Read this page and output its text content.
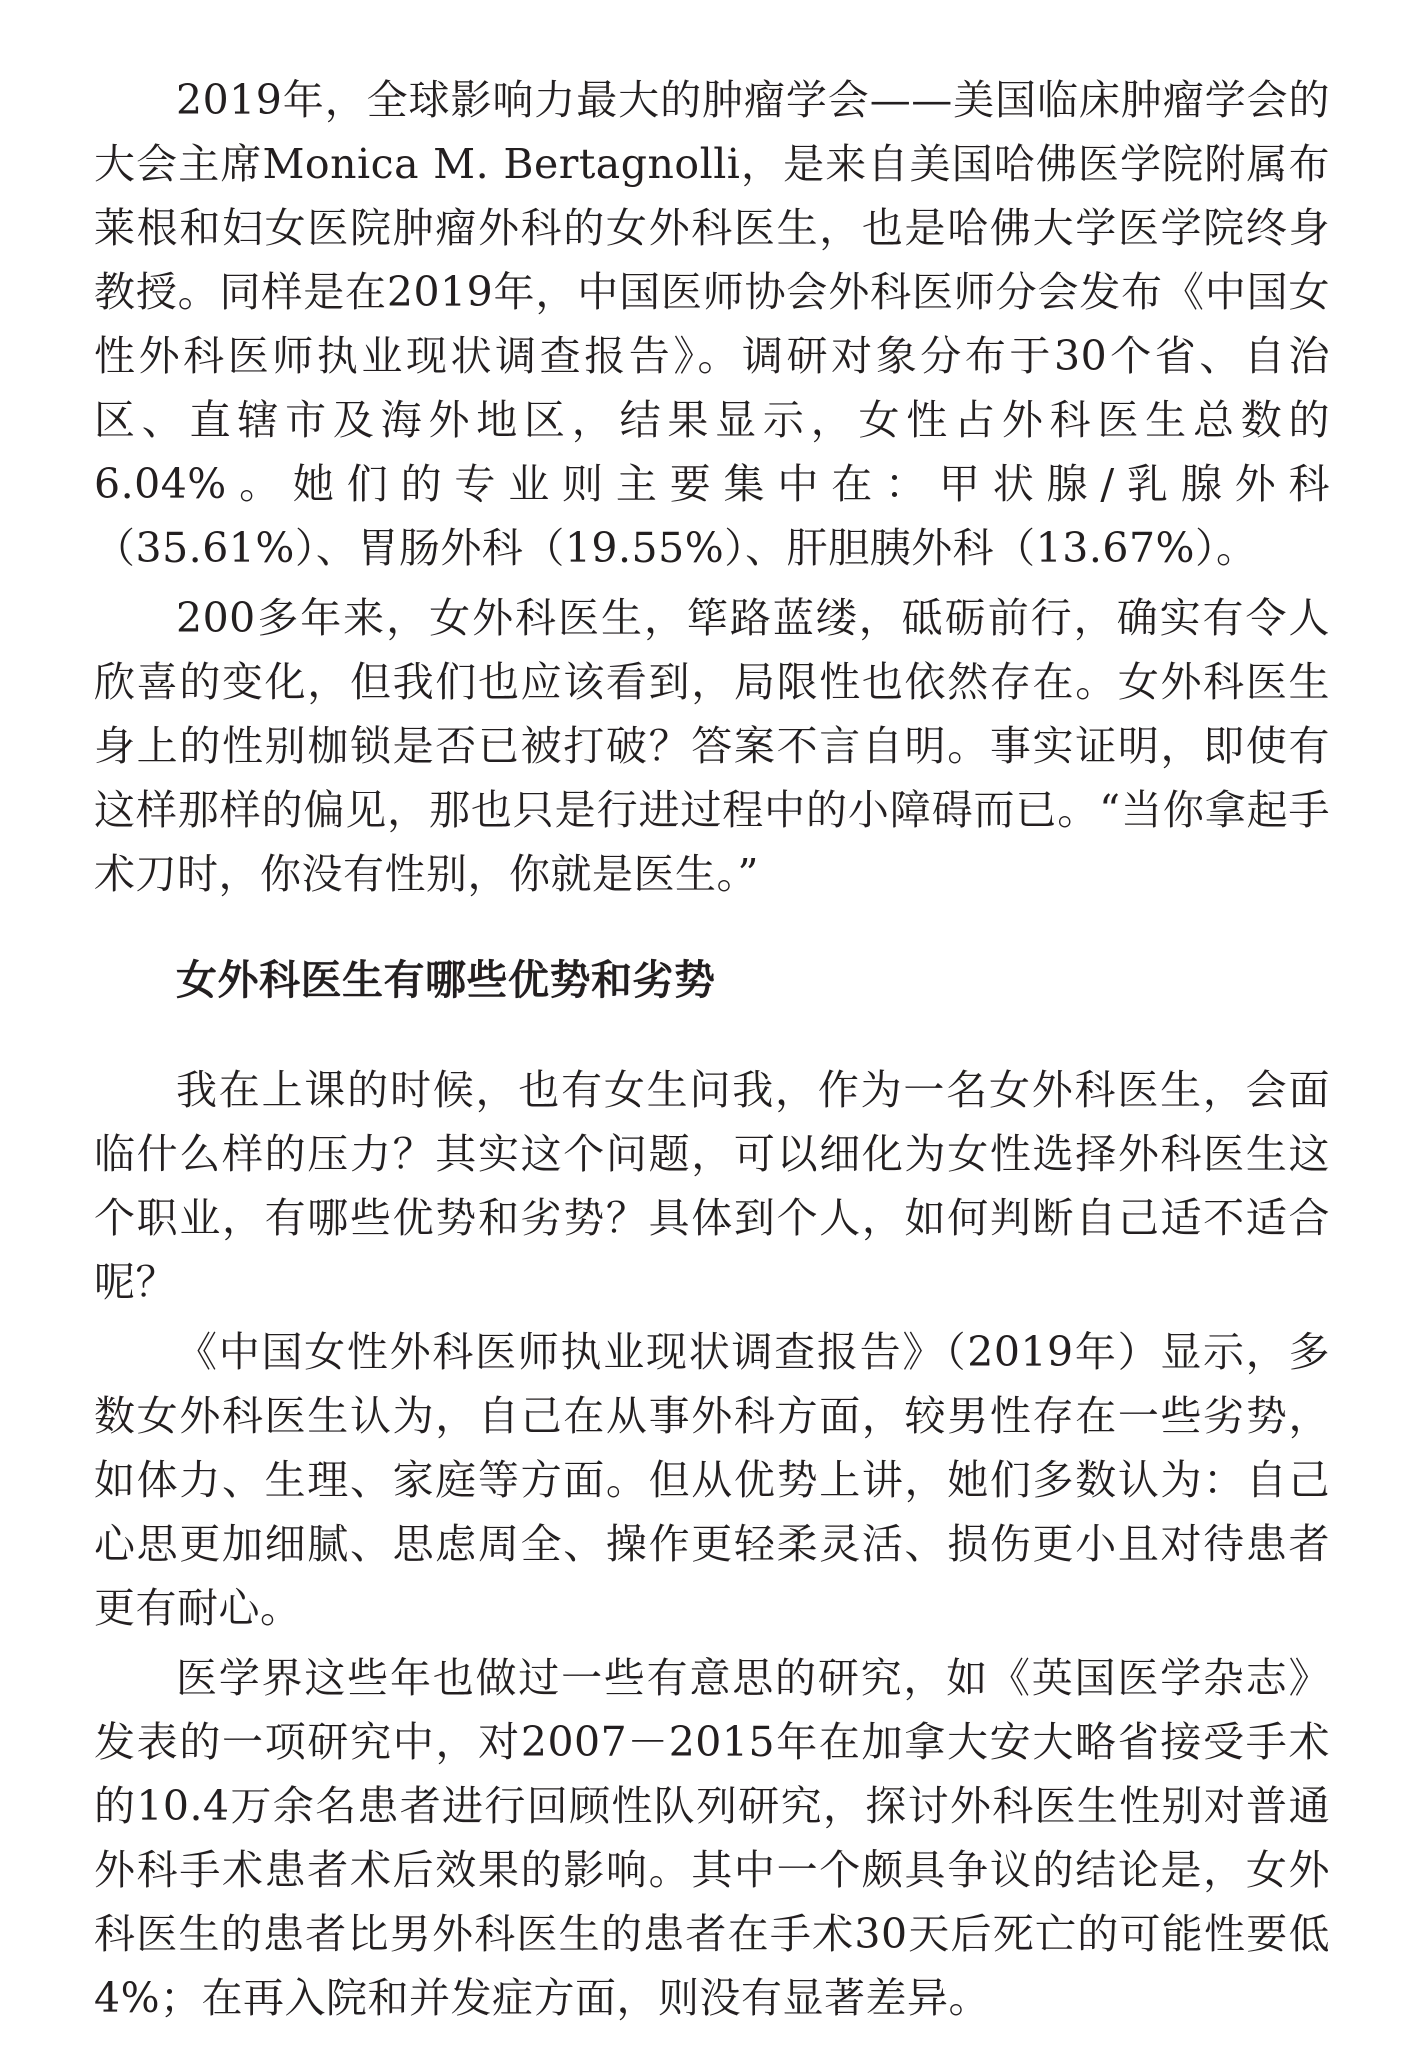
2019年，全球影响力最大的肿瘤学会——美国临床肿瘤学会的大会主席Monica M. Bertagnolli，是来自美国哈佛医学院附属布莱根和妇女医院肿瘤外科的女外科医生，也是哈佛大学医学院终身教授。同样是在2019年，中国医师协会外科医师分会发布《中国女性外科医师执业现状调查报告》。调研对象分布于30个省、自治区、直辖市及海外地区，结果显示，女性占外科医生总数的6.04%。她们的专业则主要集中在：甲状腺/乳腺外科（35.61%）、胃肠外科（19.55%）、肝胆胰外科（13.67%）。

200多年来，女外科医生，筚路蓝缕，砥砺前行，确实有令人欣喜的变化，但我们也应该看到，局限性也依然存在。女外科医生身上的性别枷锁是否已被打破？答案不言自明。事实证明，即使有这样那样的偏见，那也只是行进过程中的小障碍而已。“当你拿起手术刀时，你没有性别，你就是医生。”

女外科医生有哪些优势和劣势

我在上课的时候，也有女生问我，作为一名女外科医生，会面临什么样的压力？其实这个问题，可以细化为女性选择外科医生这个职业，有哪些优势和劣势？具体到个人，如何判断自己适不适合呢？

《中国女性外科医师执业现状调查报告》（2019年）显示，多数女外科医生认为，自己在从事外科方面，较男性存在一些劣势，如体力、生理、家庭等方面。但从优势上讲，她们多数认为：自己心思更加细腻、思虑周全、操作更轻柔灵活、损伤更小且对待患者更有耐心。

医学界这些年也做过一些有意思的研究，如《英国医学杂志》发表的一项研究中，对2007－2015年在加拿大安大略省接受手术的10.4万余名患者进行回顾性队列研究，探讨外科医生性别对普通外科手术患者术后效果的影响。其中一个颇具争议的结论是，女外科医生的患者比男外科医生的患者在手术30天后死亡的可能性要低4%；在再入院和并发症方面，则没有显著差异。
